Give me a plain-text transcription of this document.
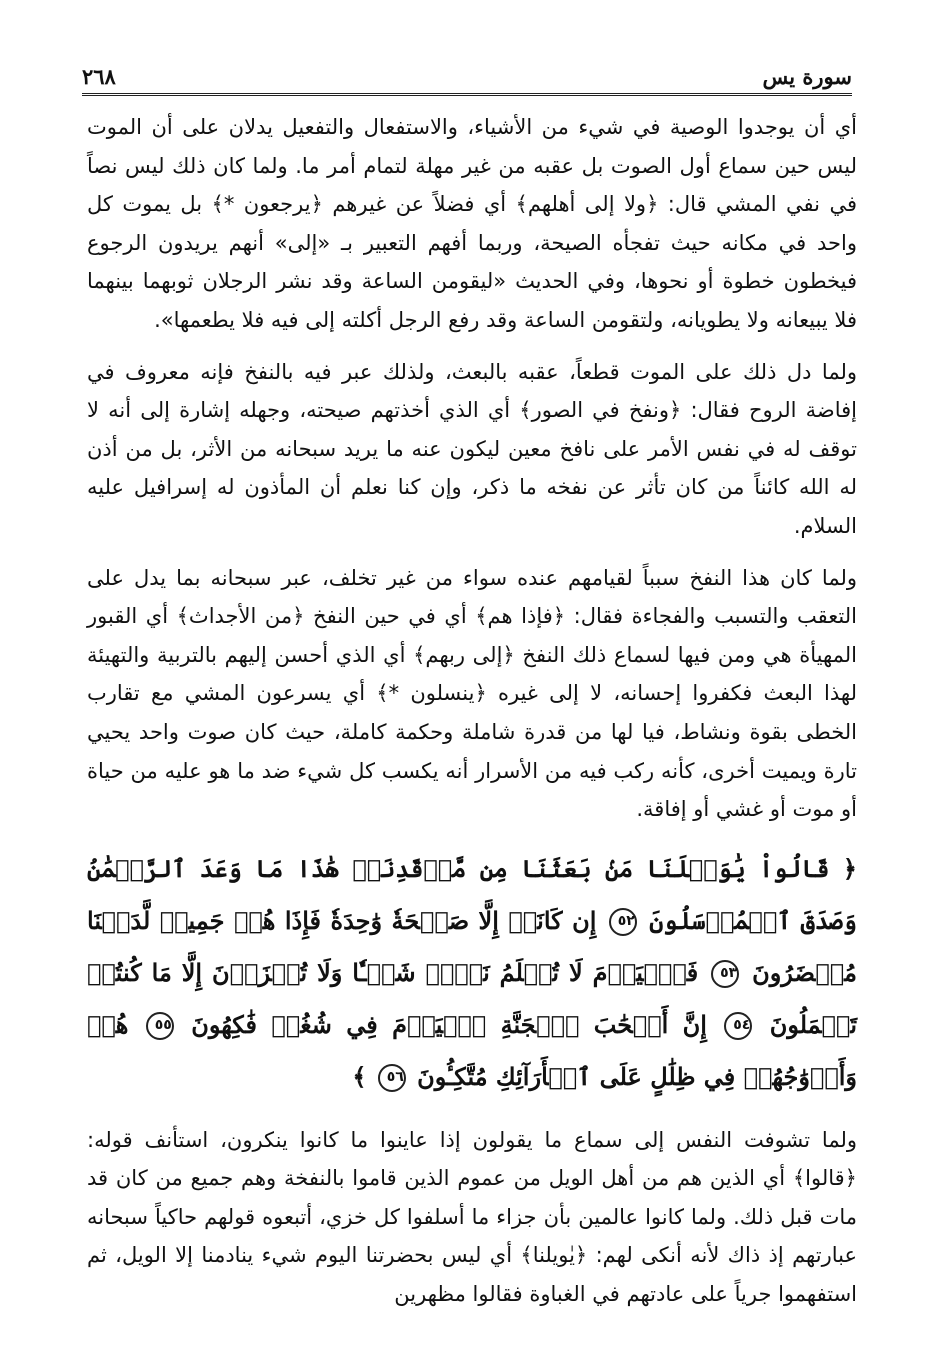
سورة يس
٢٦٨

أي أن يوجدوا الوصية في شيء من الأشياء، والاستفعال والتفعيل يدلان على أن الموت ليس حين سماع أول الصوت بل عقبه من غير مهلة لتمام أمر ما. ولما كان ذلك ليس نصاً في نفي المشي قال: ﴿ولا إلى أهلهم﴾ أي فضلاً عن غيرهم ﴿يرجعون *﴾ بل يموت كل واحد في مكانه حيث تفجأه الصيحة، وربما أفهم التعبير بـ «إلى» أنهم يريدون الرجوع فيخطون خطوة أو نحوها، وفي الحديث «ليقومن الساعة وقد نشر الرجلان ثوبهما بينهما فلا يبيعانه ولا يطويانه، ولتقومن الساعة وقد رفع الرجل أكلته إلى فيه فلا يطعمها».

ولما دل ذلك على الموت قطعاً، عقبه بالبعث، ولذلك عبر فيه بالنفخ فإنه معروف في إفاضة الروح فقال: ﴿ونفخ في الصور﴾ أي الذي أخذتهم صيحته، وجهله إشارة إلى أنه لا توقف له في نفس الأمر على نافخ معين ليكون عنه ما يريد سبحانه من الأثر، بل من أذن له الله كائناً من كان تأثر عن نفخه ما ذكر، وإن كنا نعلم أن المأذون له إسرافيل عليه السلام.

ولما كان هذا النفخ سبباً لقيامهم عنده سواء من غير تخلف، عبر سبحانه بما يدل على التعقب والتسبب والفجاءة فقال: ﴿فإذا هم﴾ أي في حين النفخ ﴿من الأجداث﴾ أي القبور المهيأة هي ومن فيها لسماع ذلك النفخ ﴿إلى ربهم﴾ أي الذي أحسن إليهم بالتربية والتهيئة لهذا البعث فكفروا إحسانه، لا إلى غيره ﴿ينسلون *﴾ أي يسرعون المشي مع تقارب الخطى بقوة ونشاط، فيا لها من قدرة شاملة وحكمة كاملة، حيث كان صوت واحد يحيي تارة ويميت أخرى، كأنه ركب فيه من الأسرار أنه يكسب كل شيء ضد ما هو عليه من حياة أو موت أو غشي أو إفاقة.

﴿ قَالُواْ يَٰوَيۡلَنَا مَنۢ بَعَثَنَا مِن مَّرۡقَدِنَاۗ هَٰذَا مَا وَعَدَ ٱلرَّحۡمَٰنُ وَصَدَقَ ٱلۡمُرۡسَلُونَ ٥٢ إِن كَانَتۡ إِلَّا صَيۡحَةٗ وَٰحِدَةٗ فَإِذَا هُمۡ جَمِيعٞ لَّدَيۡنَا مُحۡضَرُونَ ٥٣ فَٱلۡيَوۡمَ لَا تُظۡلَمُ نَفۡسٞ شَيۡـٔٗا وَلَا تُجۡزَوۡنَ إِلَّا مَا كُنتُمۡ تَعۡمَلُونَ ٥٤ إِنَّ أَصۡحَٰبَ ٱلۡجَنَّةِ ٱلۡيَوۡمَ فِي شُغُلٖ فَٰكِهُونَ ٥٥ هُمۡ وَأَزۡوَٰجُهُمۡ فِي ظِلَٰلٍ عَلَى ٱلۡأَرَآئِكِ مُتَّكِـُٔونَ ٥٦ ﴾

ولما تشوفت النفس إلى سماع ما يقولون إذا عاينوا ما كانوا ينكرون، استأنف قوله: ﴿قالوا﴾ أي الذين هم من أهل الويل من عموم الذين قاموا بالنفخة وهم جميع من كان قد مات قبل ذلك. ولما كانوا عالمين بأن جزاء ما أسلفوا كل خزي، أتبعوه قولهم حاكياً سبحانه عبارتهم إذ ذاك لأنه أنكى لهم: ﴿يٰويلنا﴾ أي ليس بحضرتنا اليوم شيء ينادمنا إلا الويل، ثم استفهموا جرياً على عادتهم في الغباوة فقالوا مظهرين
